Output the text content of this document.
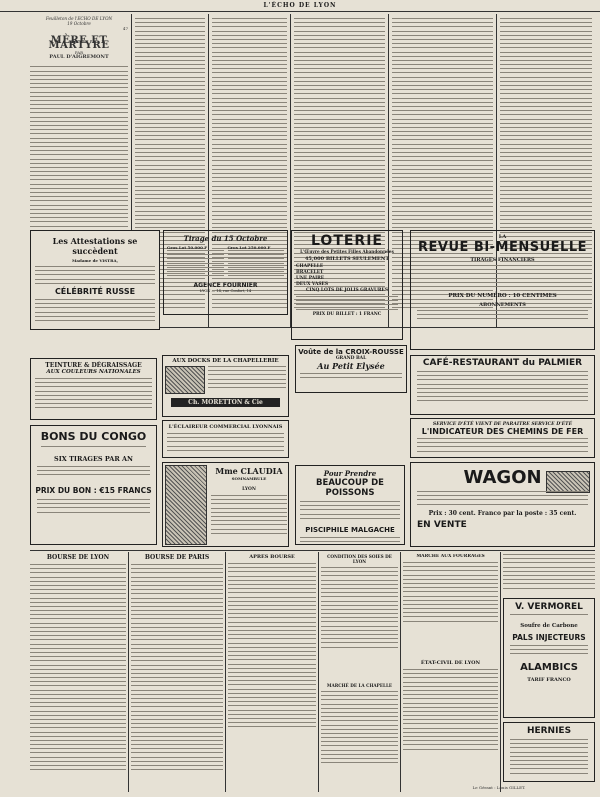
L'ÉCHO DE LYON
Feuilleton de l'ECHO DE LYON
19 Octobre
47
MÈRE ET MARTYRE
PAR
PAUL D'AIGREMONT
Les Attestations se succèdent
Madame de VISTRA,
CÉLÉBRITÉ RUSSE
Tirage du 15 Octobre
Gros Lot 50.000 F	Gros Lot 250.000 F
AGENCE FOURNIER
LYON — 14, rue Confort, 14
LOTERIE
L'Œuvre des Petites Filles Abandonnées
45,000 BILLETS SEULEMENT
CHAPELLE
BRACELET
UNE PAIRE
DEUX VASES
CINQ LOTS DE JOLIS GRAVURES
PRIX DU BILLET : 1 FRANC
LA
REVUE BI-MENSUELLE
TIRAGES FINANCIERS
PRIX DU NUMÉRO : 10 CENTIMES
ABONNEMENTS
TEINTURE & DÉGRAISSAGE
AUX COULEURS NATIONALES
AUX DOCKS DE LA CHAPELLERIE
Ch. MORETTON & Cie
Voûte de la CROIX-ROUSSE
GRAND BAL
Au Petit Elysée	CAFÉ-RESTAURANT du PALMIER
L'ÉCLAIREUR COMMERCIAL LYONNAIS	SERVICE D'ÉTÉ VIENT DE PARAITRE SERVICE D'ÉTÉ
L'INDICATEUR DES CHEMINS DE FER
BONS DU CONGO
SIX TIRAGES PAR AN
PRIX DU BON : €15 FRANCS
Mme CLAUDIA
SOMNAMBULE
LYON
Pour Prendre
BEAUCOUP DE POISSONS
PISCIPHILE MALGACHE
WAGON
Prix : 30 cent. Franco par la poste : 35 cent.
EN VENTE
BOURSE DE LYON	BOURSE DE PARIS	APRÈS BOURSE	CONDITION DES SOIES DE LYON
MARCHÉ DE LA CHAPELLE
MARCHÉ AUX FOURRAGES
ÉTAT-CIVIL DE LYON
V. VERMOREL
Soufre de Carbone
PALS INJECTEURS
ALAMBICS
TARIF FRANCO
HERNIES
Le Gérant : Louis GILLET.
